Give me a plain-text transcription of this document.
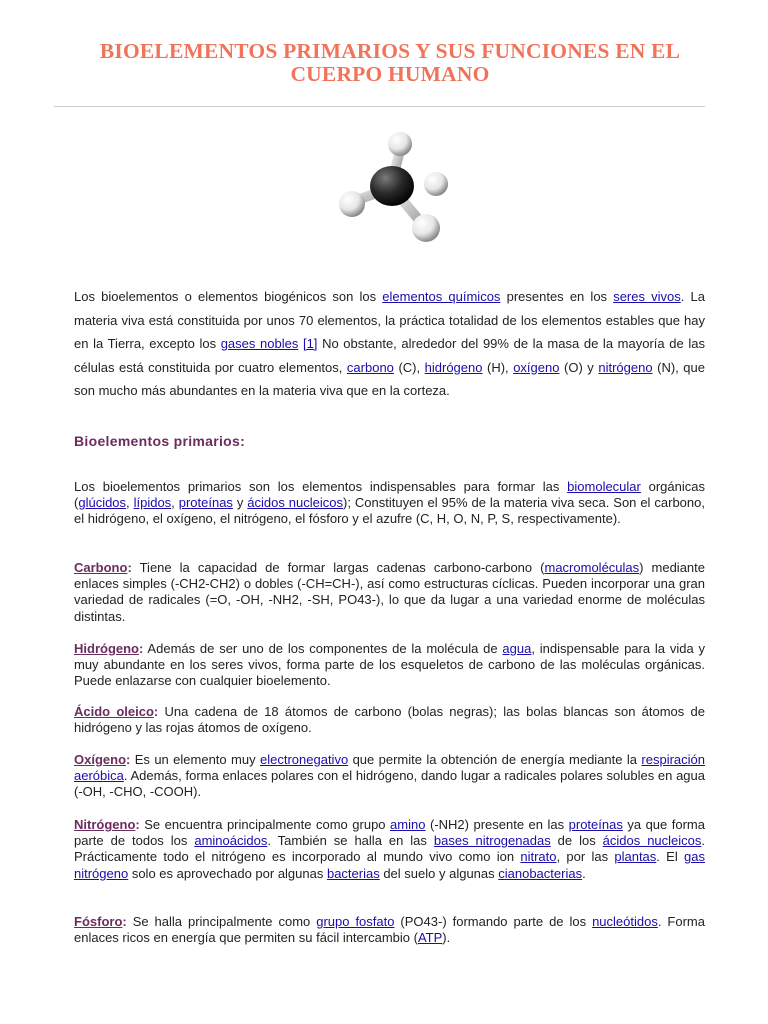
BIOELEMENTOS PRIMARIOS Y SUS FUNCIONES EN EL CUERPO HUMANO

Los bioelementos o elementos biogénicos son los elementos químicos presentes en los seres vivos. La materia viva está constituida por unos 70 elementos, la práctica totalidad de los elementos estables que hay en la Tierra, excepto los gases nobles [1] No obstante, alrededor del 99% de la masa de la mayoría de las células está constituida por cuatro elementos, carbono (C), hidrógeno (H), oxígeno (O) y nitrógeno (N), que son mucho más abundantes en la materia viva que en la corteza.

Bioelementos primarios:

Los bioelementos primarios son los elementos indispensables para formar las biomolecular orgánicas (glúcidos, lípidos, proteínas y ácidos nucleicos); Constituyen el 95% de la materia viva seca. Son el carbono, el hidrógeno, el oxígeno, el nitrógeno, el fósforo y el azufre (C, H, O, N, P, S, respectivamente).

Carbono: Tiene la capacidad de formar largas cadenas carbono-carbono (macromoléculas) mediante enlaces simples (-CH2-CH2) o dobles (-CH=CH-), así como estructuras cíclicas. Pueden incorporar una gran variedad de radicales (=O, -OH, -NH2, -SH, PO43-), lo que da lugar a una variedad enorme de moléculas distintas.

Hidrógeno: Además de ser uno de los componentes de la molécula de agua, indispensable para la vida y muy abundante en los seres vivos, forma parte de los esqueletos de carbono de las moléculas orgánicas. Puede enlazarse con cualquier bioelemento.

Ácido oleico: Una cadena de 18 átomos de carbono (bolas negras); las bolas blancas son átomos de hidrógeno y las rojas átomos de oxígeno.

Oxígeno: Es un elemento muy electronegativo que permite la obtención de energía mediante la respiración aeróbica. Además, forma enlaces polares con el hidrógeno, dando lugar a radicales polares solubles en agua (-OH, -CHO, -COOH).

Nitrógeno: Se encuentra principalmente como grupo amino (-NH2) presente en las proteínas ya que forma parte de todos los aminoácidos. También se halla en las bases nitrogenadas de los ácidos nucleicos. Prácticamente todo el nitrógeno es incorporado al mundo vivo como ion nitrato, por las plantas. El gas nitrógeno solo es aprovechado por algunas bacterias del suelo y algunas cianobacterias.

Fósforo: Se halla principalmente como grupo fosfato (PO43-) formando parte de los nucleótidos. Forma enlaces ricos en energía que permiten su fácil intercambio (ATP).
